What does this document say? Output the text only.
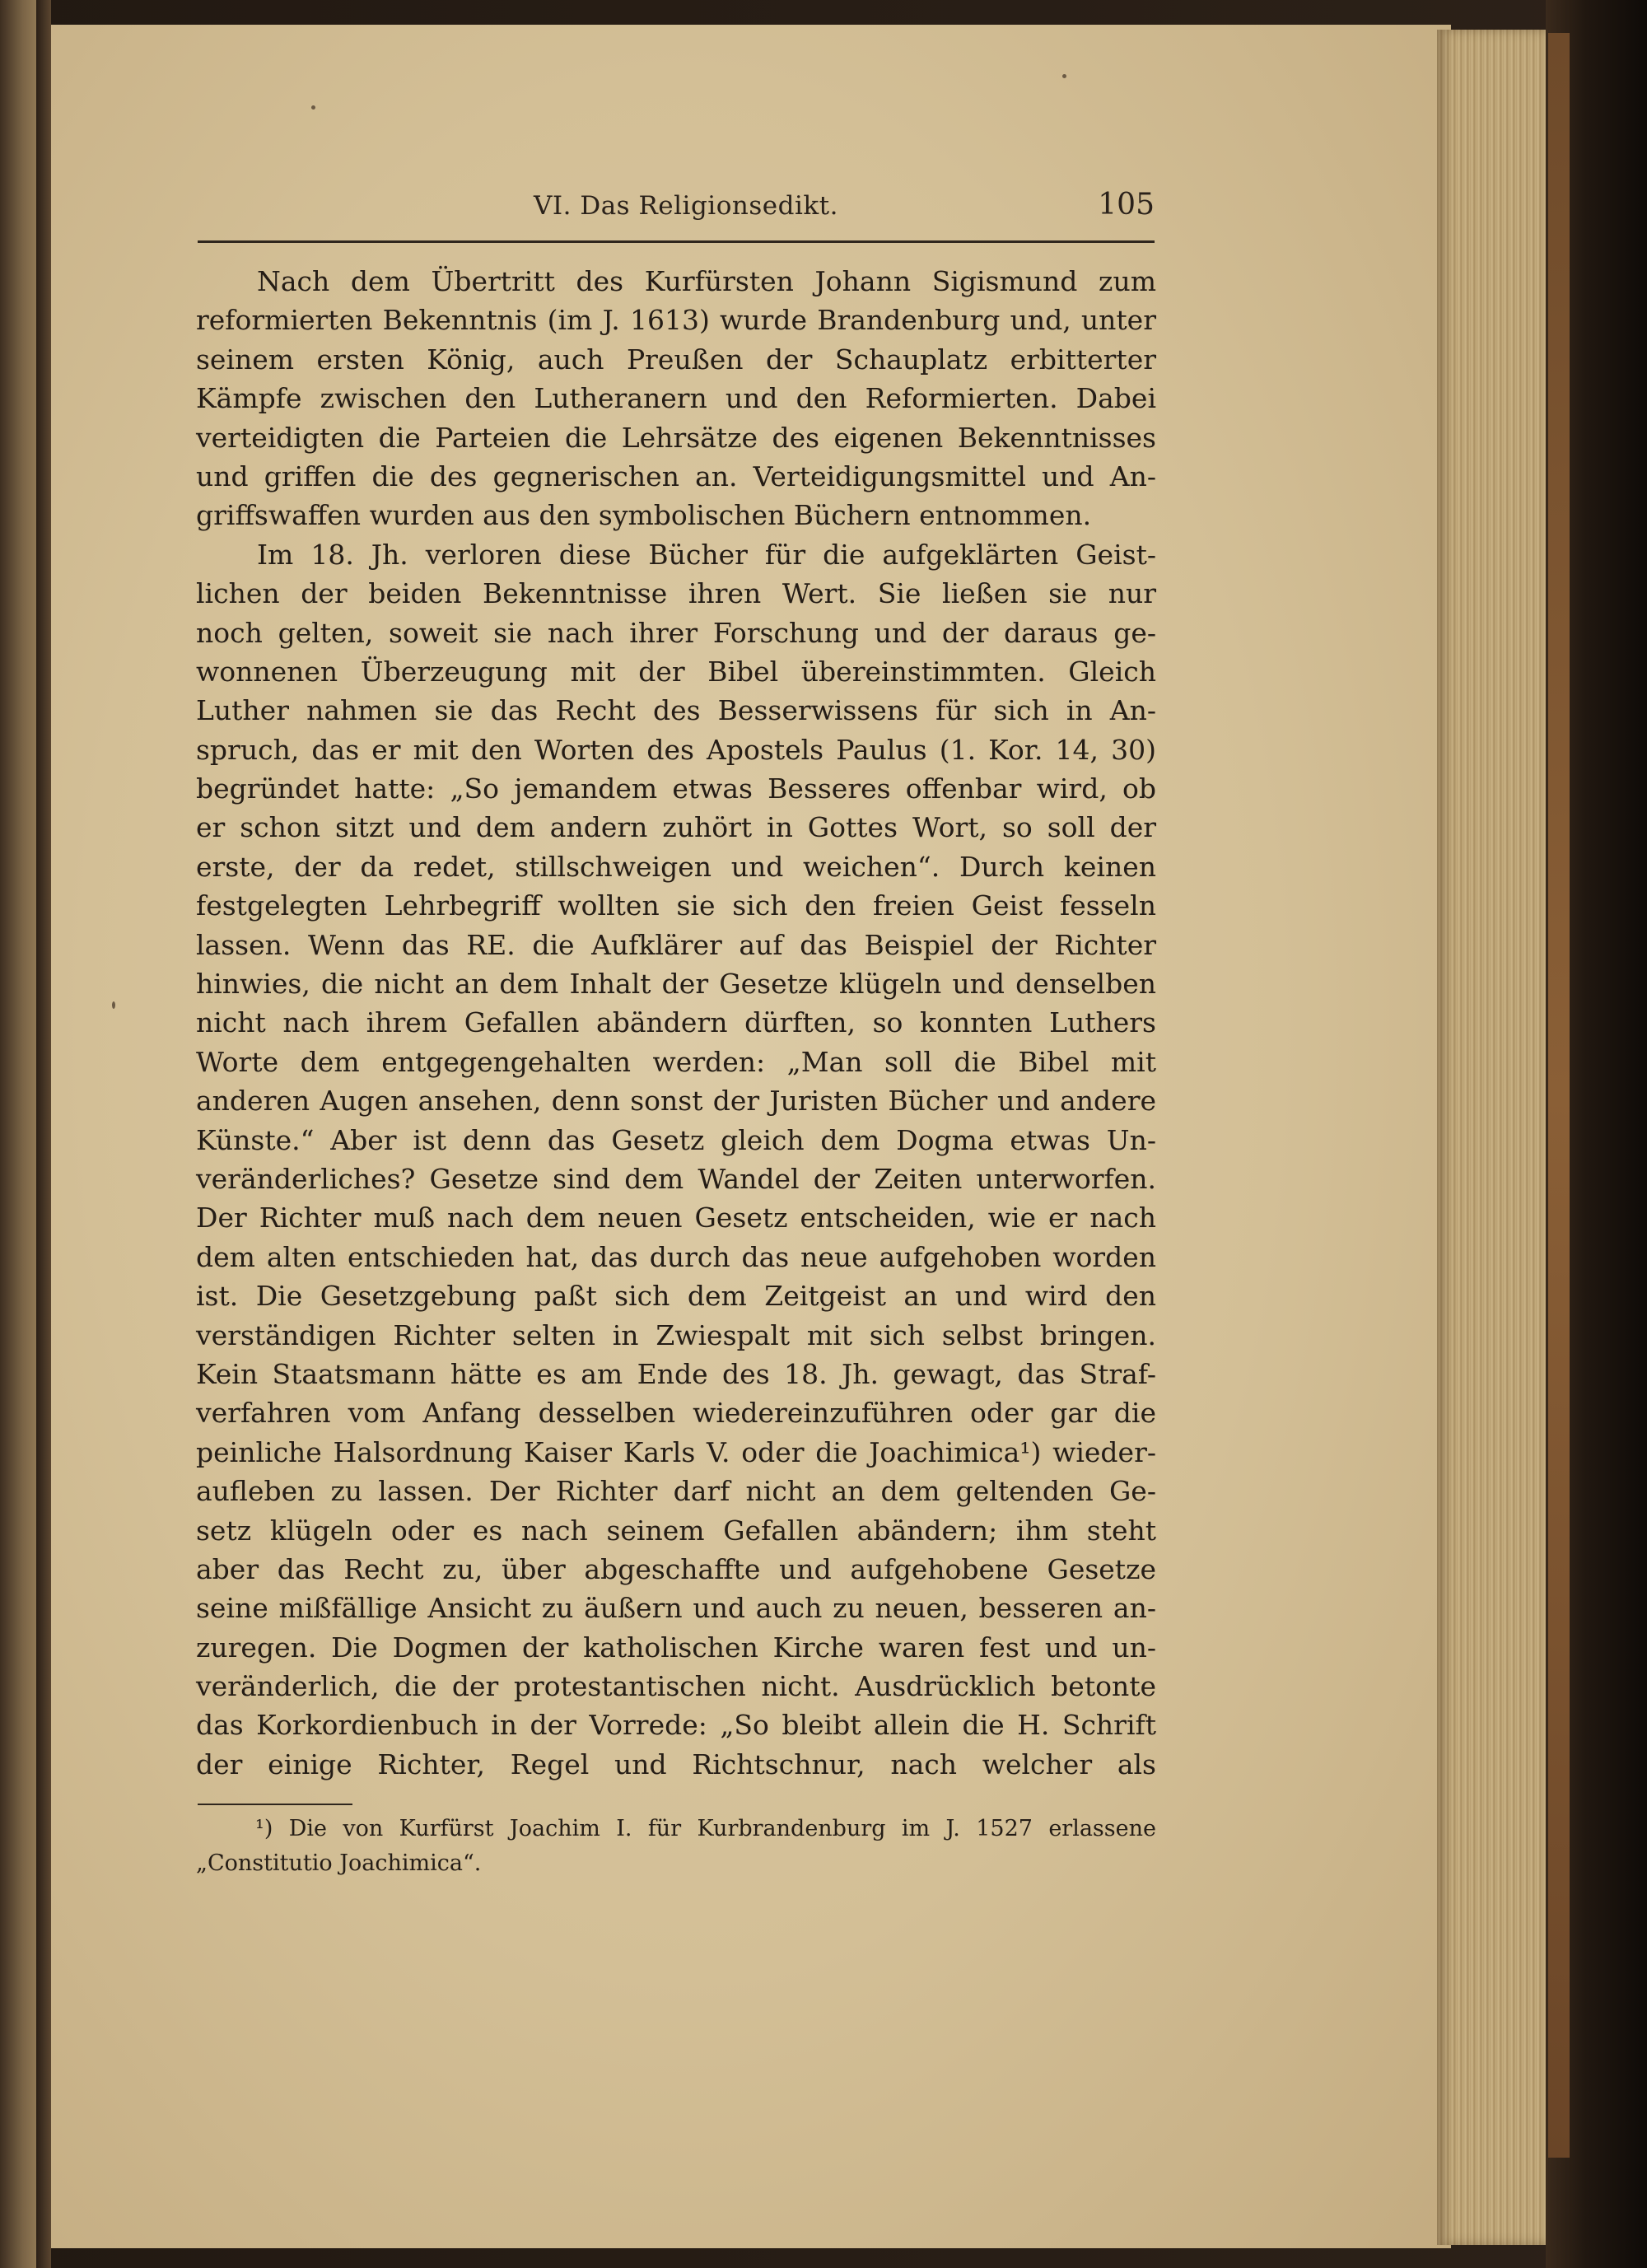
VI. Das Religionsedikt.	105
Nach dem Übertritt des Kurfürsten Johann Sigismund zum
reformierten Bekenntnis (im J. 1613) wurde Brandenburg und, unter
seinem ersten König, auch Preußen der Schauplatz erbitterter
Kämpfe zwischen den Lutheranern und den Reformierten. Dabei
verteidigten die Parteien die Lehrsätze des eigenen Bekenntnisses
und griffen die des gegnerischen an. Verteidigungsmittel und An-
griffswaffen wurden aus den symbolischen Büchern entnommen.
Im 18. Jh. verloren diese Bücher für die aufgeklärten Geist-
lichen der beiden Bekenntnisse ihren Wert. Sie ließen sie nur
noch gelten, soweit sie nach ihrer Forschung und der daraus ge-
wonnenen Überzeugung mit der Bibel übereinstimmten. Gleich
Luther nahmen sie das Recht des Besserwissens für sich in An-
spruch, das er mit den Worten des Apostels Paulus (1. Kor. 14, 30)
begründet hatte: „So jemandem etwas Besseres offenbar wird, ob
er schon sitzt und dem andern zuhört in Gottes Wort, so soll der
erste, der da redet, stillschweigen und weichen“. Durch keinen
festgelegten Lehrbegriff wollten sie sich den freien Geist fesseln
lassen. Wenn das RE. die Aufklärer auf das Beispiel der Richter
hinwies, die nicht an dem Inhalt der Gesetze klügeln und denselben
nicht nach ihrem Gefallen abändern dürften, so konnten Luthers
Worte dem entgegengehalten werden: „Man soll die Bibel mit
anderen Augen ansehen, denn sonst der Juristen Bücher und andere
Künste.“ Aber ist denn das Gesetz gleich dem Dogma etwas Un-
veränderliches? Gesetze sind dem Wandel der Zeiten unterworfen.
Der Richter muß nach dem neuen Gesetz entscheiden, wie er nach
dem alten entschieden hat, das durch das neue aufgehoben worden
ist. Die Gesetzgebung paßt sich dem Zeitgeist an und wird den
verständigen Richter selten in Zwiespalt mit sich selbst bringen.
Kein Staatsmann hätte es am Ende des 18. Jh. gewagt, das Straf-
verfahren vom Anfang desselben wiedereinzuführen oder gar die
peinliche Halsordnung Kaiser Karls V. oder die Joachimica¹) wieder-
aufleben zu lassen. Der Richter darf nicht an dem geltenden Ge-
setz klügeln oder es nach seinem Gefallen abändern; ihm steht
aber das Recht zu, über abgeschaffte und aufgehobene Gesetze
seine mißfällige Ansicht zu äußern und auch zu neuen, besseren an-
zuregen. Die Dogmen der katholischen Kirche waren fest und un-
veränderlich, die der protestantischen nicht. Ausdrücklich betonte
das Korkordienbuch in der Vorrede: „So bleibt allein die H. Schrift
der einige Richter, Regel und Richtschnur, nach welcher als
¹) Die von Kurfürst Joachim I. für Kurbrandenburg im J. 1527 erlassene
„Constitutio Joachimica“.
